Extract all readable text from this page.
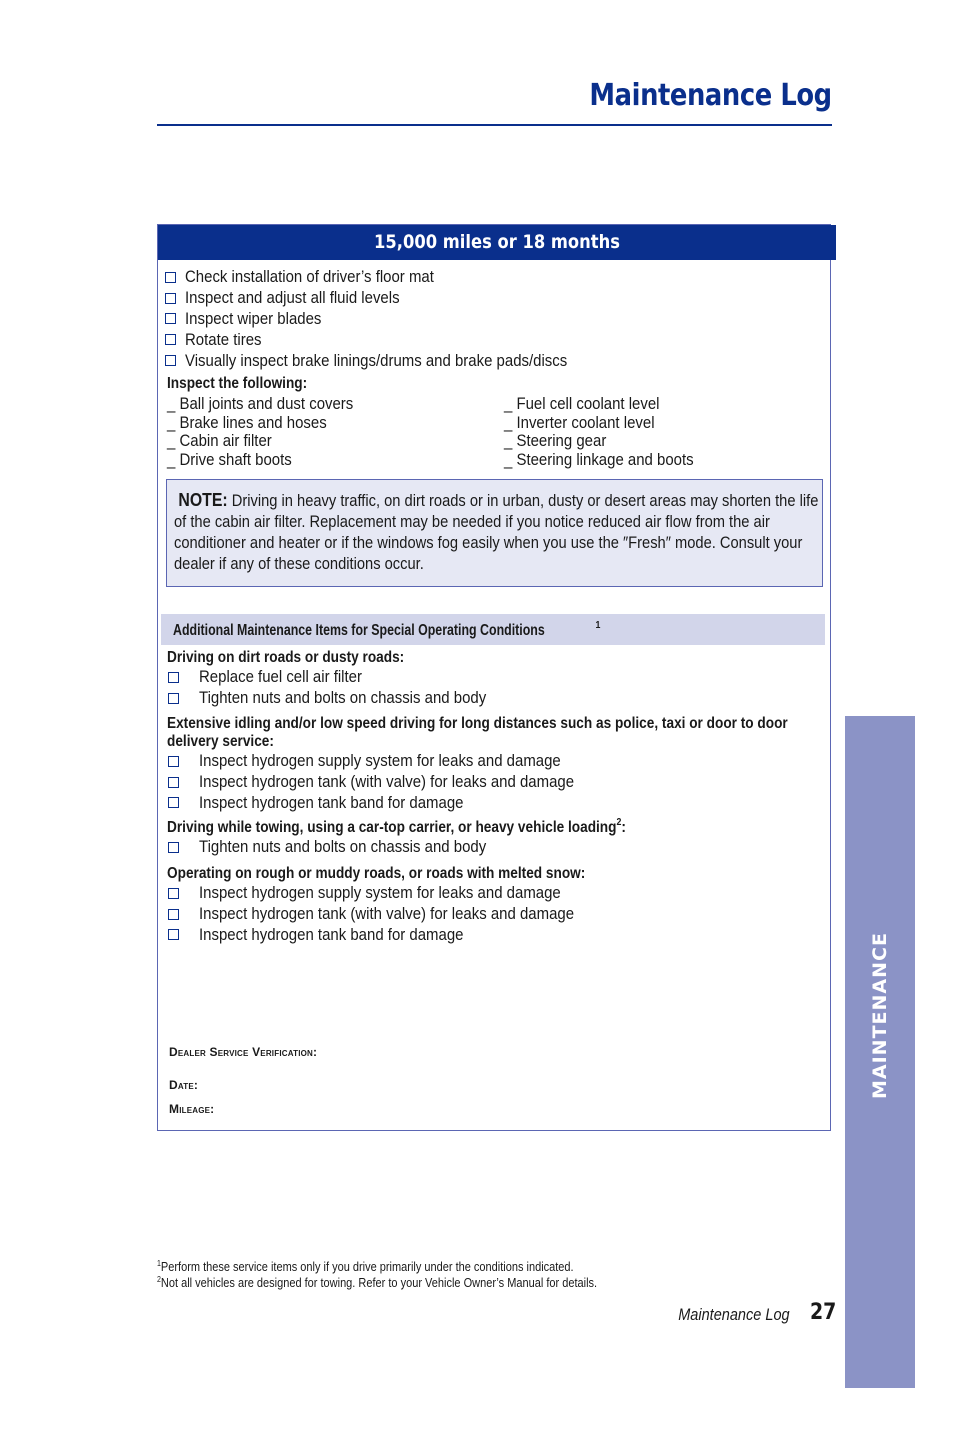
Maintenance Log
MAINTENANCE
15,000 miles or 18 months
Check installation of driver’s floor mat
Inspect and adjust all fluid levels
Inspect wiper blades
Rotate tires
Visually inspect brake linings/drums and brake pads/discs
Inspect the following:
_ Ball joints and dust covers
_ Brake lines and hoses
_ Cabin air filter
_ Drive shaft boots
_ Fuel cell coolant level
_ Inverter coolant level
_ Steering gear
_ Steering linkage and boots
NOTE: Driving in heavy traffic, on dirt roads or in urban, dusty or desert areas may shorten the life of the cabin air filter. Replacement may be needed if you notice reduced air flow from the air conditioner and heater or if the windows fog easily when you use the ″Fresh″ mode. Consult your dealer if any of these conditions occur.
Additional Maintenance Items for Special Operating Conditions	$^1$
Driving on dirt roads or dusty roads:
Replace fuel cell air filter
Tighten nuts and bolts on chassis and body
Extensive idling and/or low speed driving for long distances such as police, taxi or door to door delivery service:
Inspect hydrogen supply system for leaks and damage
Inspect hydrogen tank (with valve) for leaks and damage
Inspect hydrogen tank band for damage
Driving while towing, using a car-top carrier, or heavy vehicle loading$^2$:
Tighten nuts and bolts on chassis and body
Operating on rough or muddy roads, or roads with melted snow:
Inspect hydrogen supply system for leaks and damage
Inspect hydrogen tank (with valve) for leaks and damage
Inspect hydrogen tank band for damage
Dealer Service Verification:
Date:
Mileage:
$^1$Perform these service items only if you drive primarily under the conditions indicated.
$^2$Not all vehicles are designed for towing. Refer to your Vehicle Owner’s Manual for details.
Maintenance Log 27
